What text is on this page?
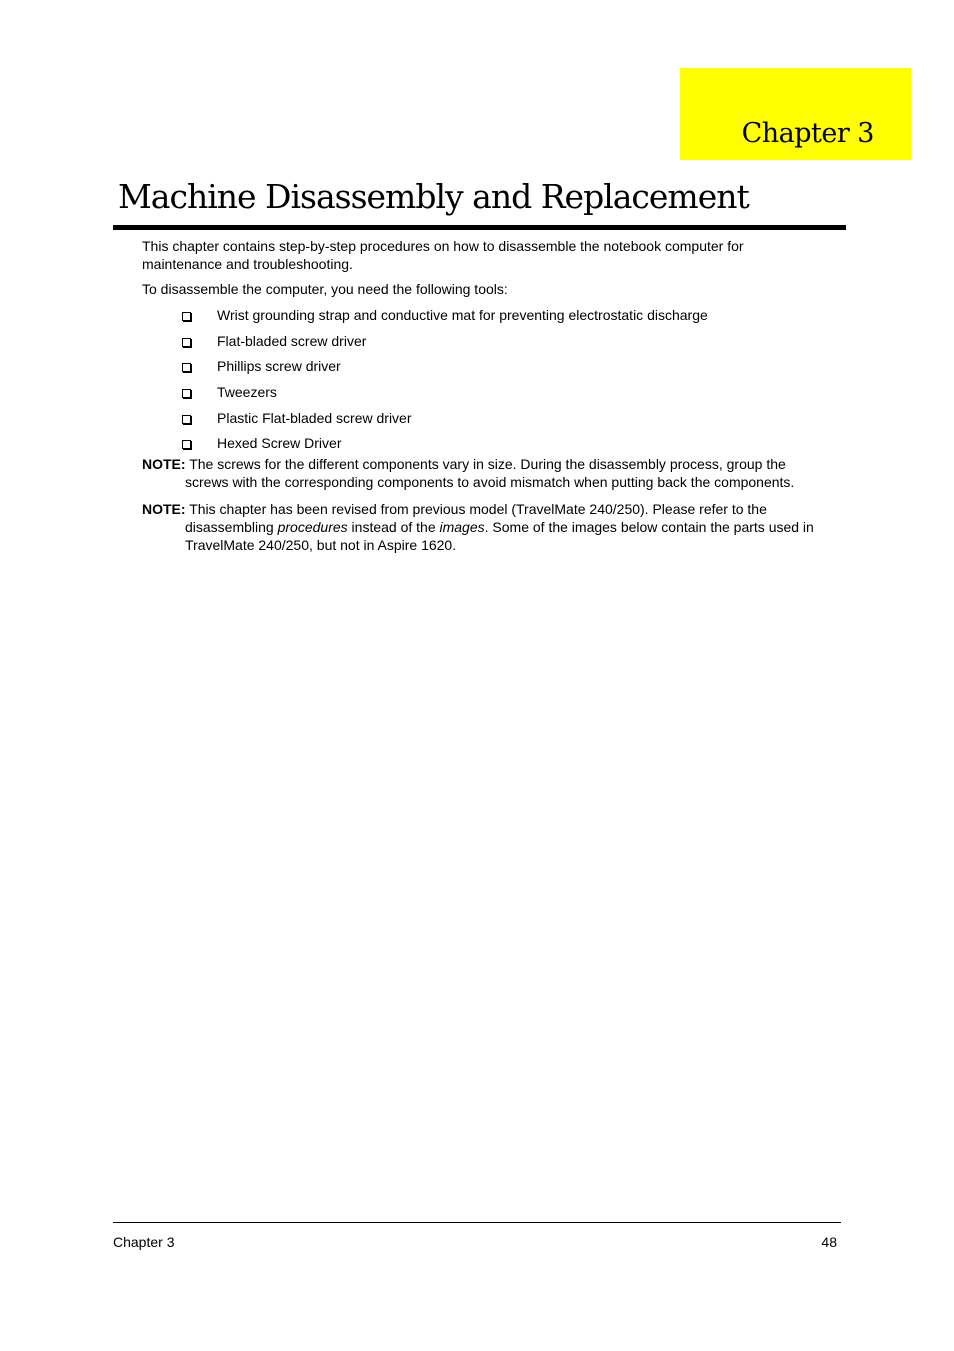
Chapter 3
Machine Disassembly and Replacement

This chapter contains step-by-step procedures on how to disassemble the notebook computer for
maintenance and troubleshooting.

To disassemble the computer, you need the following tools:

Wrist grounding strap and conductive mat for preventing electrostatic discharge
Flat-bladed screw driver
Phillips screw driver
Tweezers
Plastic Flat-bladed screw driver
Hexed Screw Driver
NOTE: The screws for the different components vary in size. During the disassembly process, group the
screws with the corresponding components to avoid mismatch when putting back the components.
NOTE: This chapter has been revised from previous model (TravelMate 240/250). Please refer to the
disassembling procedures instead of the images. Some of the images below contain the parts used in
TravelMate 240/250, but not in Aspire 1620.
Chapter 3	48
